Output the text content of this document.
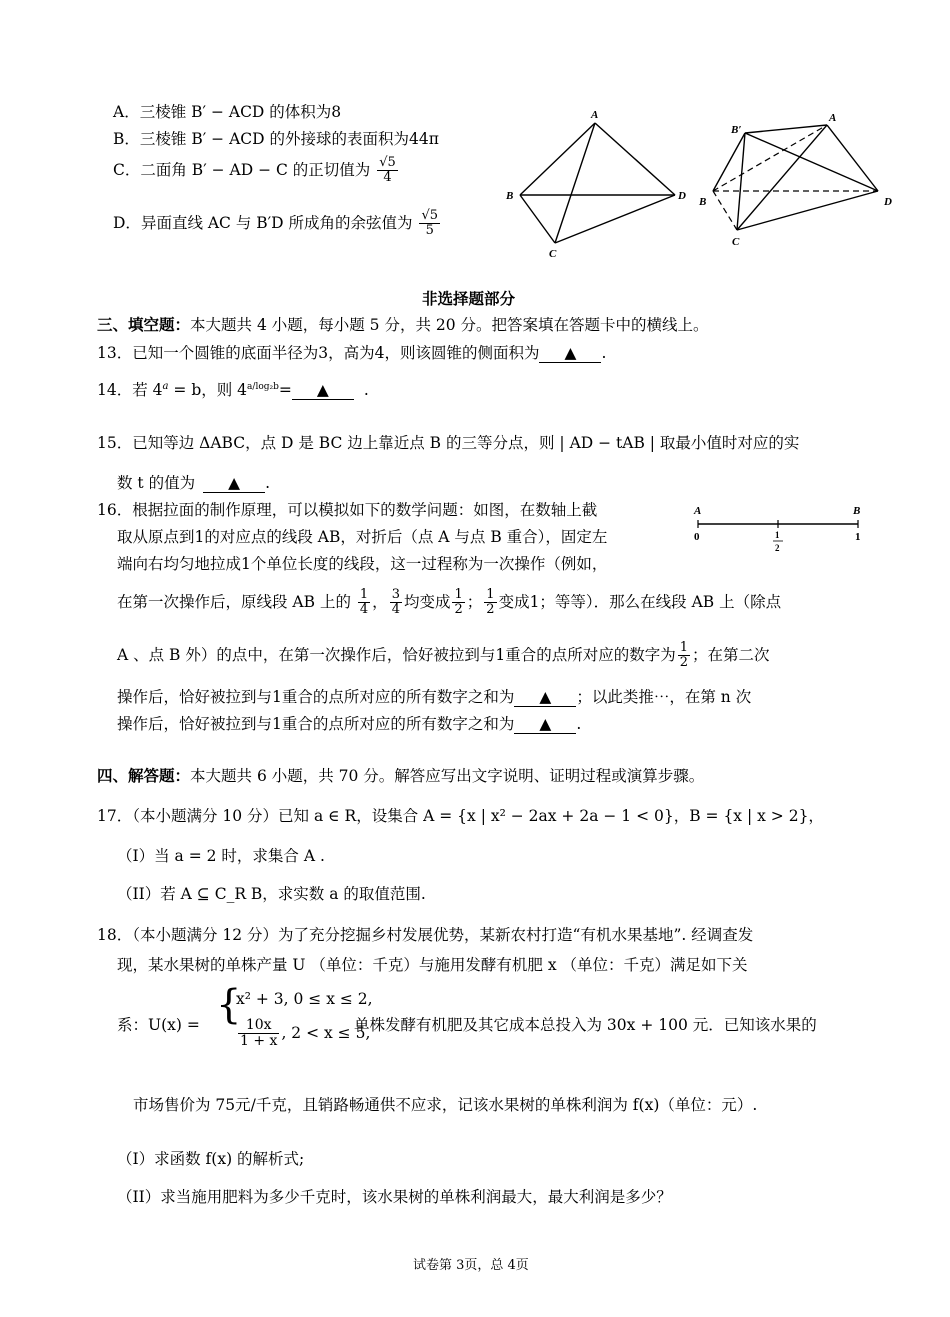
A．三棱锥 B′ − ACD 的体积为8
B．三棱锥 B′ − ACD 的外接球的表面积为44π
C．二面角 B′ − AD − C 的正切值为 $\frac{√5}{4}$
D．异面直线 AC 与 B′D 所成角的余弦值为 $\frac{√5}{5}$
A
B
C
D
B′
A
B
C
D
非选择题部分
三、填空题：本大题共 4 小题，每小题 5 分，共 20 分。把答案填在答题卡中的横线上。
13．已知一个圆锥的底面半径为3，高为4，则该圆锥的侧面积为 ▲ .
14．若 $4^a = b$，则 $4^{a/log_2b}=$ ▲ .
15．已知等边 ΔABC，点 D 是 BC 边上靠近点 B 的三等分点，则 | AD − tAB | 取最小值时对应的实
数 t 的值为 ▲ .
16．根据拉面的制作原理，可以模拟如下的数学问题：如图，在数轴上截
取从原点到1的对应点的线段 AB，对折后（点 A 与点 B 重合），固定左
端向右均匀地拉成1个单位长度的线段，这一过程称为一次操作（例如，
A	B
0	1
1
2
在第一次操作后，原线段 AB 上的 $\frac{1}{4}$ ， $\frac{3}{4}$ 均变成 $\frac{1}{2}$ ； $\frac{1}{2}$ 变成1；等等）．那么在线段 AB 上（除点
A 、点 B 外）的点中，在第一次操作后，恰好被拉到与1重合的点所对应的数字为 $\frac{1}{2}$ ；在第二次
操作后，恰好被拉到与1重合的点所对应的所有数字之和为 ▲ ；以此类推⋯，在第 n 次
操作后，恰好被拉到与1重合的点所对应的所有数字之和为 ▲ .
四、解答题：本大题共 6 小题，共 70 分。解答应写出文字说明、证明过程或演算步骤。
17．（本小题满分 10 分）已知 a ∈ R，设集合 A = {x | x² − 2ax + 2a − 1 < 0}，B = {x | x > 2}，
（I）当 a = 2 时，求集合 A .
（II）若 A ⊆ C_R B，求实数 a 的取值范围.
18．（本小题满分 12 分）为了充分挖掘乡村发展优势，某新农村打造“有机水果基地”. 经调查发
现，某水果树的单株产量 U （单位：千克）与施用发酵有机肥 x （单位：千克）满足如下关
系：U(x) = {
x² + 3, 0 ≤ x ≤ 2,
$\frac{10x}{1 + x}$ , 2 < x ≤ 5,
单株发酵有机肥及其它成本总投入为 30x + 100 元．已知该水果的
市场售价为 75元/千克，且销路畅通供不应求，记该水果树的单株利润为 f(x)（单位：元）.
（I）求函数 f(x) 的解析式;
（II）求当施用肥料为多少千克时，该水果树的单株利润最大，最大利润是多少？
试卷第 3页，总 4页
